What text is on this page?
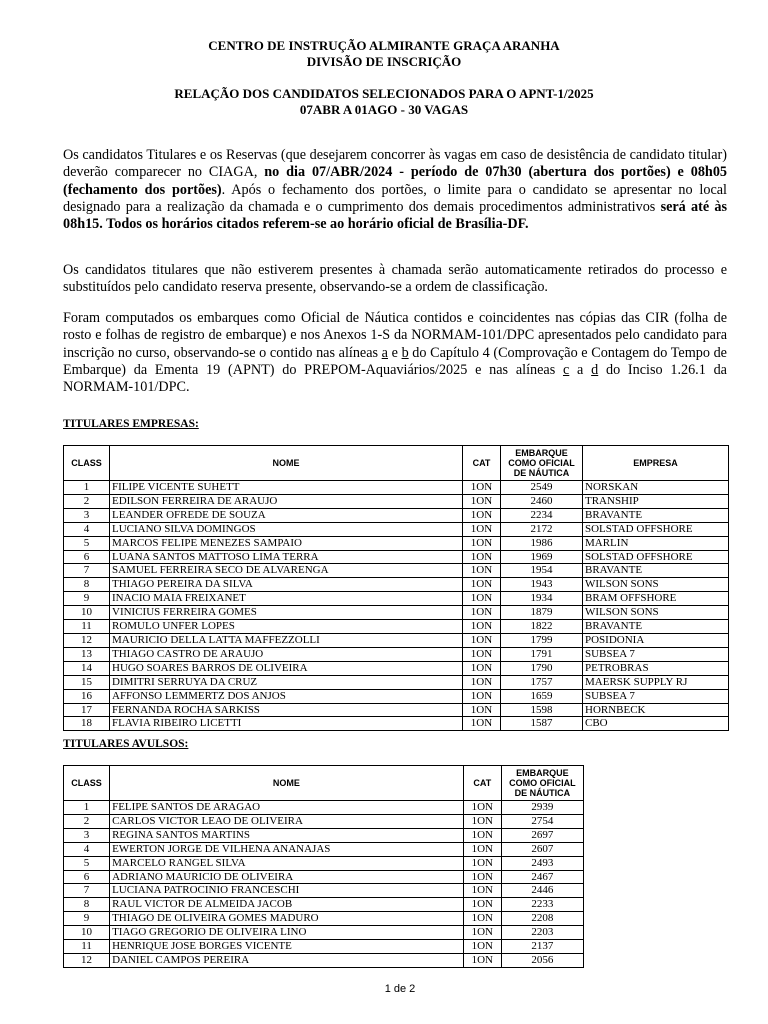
CENTRO DE INSTRUÇÃO ALMIRANTE GRAÇA ARANHA
DIVISÃO DE INSCRIÇÃO
RELAÇÃO DOS CANDIDATOS SELECIONADOS PARA O APNT-1/2025
07ABR A 01AGO - 30 VAGAS
Os candidatos Titulares e os Reservas (que desejarem concorrer às vagas em caso de desistência de candidato titular) deverão comparecer no CIAGA, no dia 07/ABR/2024 - período de 07h30 (abertura dos portões) e 08h05 (fechamento dos portões). Após o fechamento dos portões, o limite para o candidato se apresentar no local designado para a realização da chamada e o cumprimento dos demais procedimentos administrativos será até às 08h15. Todos os horários citados referem-se ao horário oficial de Brasília-DF.
Os candidatos titulares que não estiverem presentes à chamada serão automaticamente retirados do processo e substituídos pelo candidato reserva presente, observando-se a ordem de classificação.
Foram computados os embarques como Oficial de Náutica contidos e coincidentes nas cópias das CIR (folha de rosto e folhas de registro de embarque) e nos Anexos 1-S da NORMAM-101/DPC apresentados pelo candidato para inscrição no curso, observando-se o contido nas alíneas a e b do Capítulo 4 (Comprovação e Contagem do Tempo de Embarque) da Ementa 19 (APNT) do PREPOM-Aquaviários/2025 e nas alíneas c a d do Inciso 1.26.1 da NORMAM-101/DPC.
TITULARES EMPRESAS:
CLASS	NOME	CAT	EMBARQUE COMO OFICIAL DE NÁUTICA	EMPRESA
1	FILIPE VICENTE SUHETT	1ON	2549	NORSKAN
2	EDILSON FERREIRA DE ARAUJO	1ON	2460	TRANSHIP
3	LEANDER OFREDE DE SOUZA	1ON	2234	BRAVANTE
4	LUCIANO SILVA DOMINGOS	1ON	2172	SOLSTAD OFFSHORE
5	MARCOS FELIPE MENEZES SAMPAIO	1ON	1986	MARLIN
6	LUANA SANTOS MATTOSO LIMA TERRA	1ON	1969	SOLSTAD OFFSHORE
7	SAMUEL FERREIRA SECO DE ALVARENGA	1ON	1954	BRAVANTE
8	THIAGO PEREIRA DA SILVA	1ON	1943	WILSON SONS
9	INACIO MAIA FREIXANET	1ON	1934	BRAM OFFSHORE
10	VINICIUS FERREIRA GOMES	1ON	1879	WILSON SONS
11	ROMULO UNFER LOPES	1ON	1822	BRAVANTE
12	MAURICIO DELLA LATTA MAFFEZZOLLI	1ON	1799	POSIDONIA
13	THIAGO CASTRO DE ARAUJO	1ON	1791	SUBSEA 7
14	HUGO SOARES BARROS DE OLIVEIRA	1ON	1790	PETROBRAS
15	DIMITRI SERRUYA DA CRUZ	1ON	1757	MAERSK SUPPLY RJ
16	AFFONSO LEMMERTZ DOS ANJOS	1ON	1659	SUBSEA 7
17	FERNANDA ROCHA SARKISS	1ON	1598	HORNBECK
18	FLAVIA RIBEIRO LICETTI	1ON	1587	CBO
TITULARES AVULSOS:
CLASS	NOME	CAT	EMBARQUE COMO OFICIAL DE NÁUTICA
1	FELIPE SANTOS DE ARAGAO	1ON	2939
2	CARLOS VICTOR LEAO DE OLIVEIRA	1ON	2754
3	REGINA SANTOS MARTINS	1ON	2697
4	EWERTON JORGE DE VILHENA ANANAJAS	1ON	2607
5	MARCELO RANGEL SILVA	1ON	2493
6	ADRIANO MAURICIO DE OLIVEIRA	1ON	2467
7	LUCIANA PATROCINIO FRANCESCHI	1ON	2446
8	RAUL VICTOR DE ALMEIDA JACOB	1ON	2233
9	THIAGO DE OLIVEIRA GOMES MADURO	1ON	2208
10	TIAGO GREGORIO DE OLIVEIRA LINO	1ON	2203
11	HENRIQUE JOSE BORGES VICENTE	1ON	2137
12	DANIEL CAMPOS PEREIRA	1ON	2056
1 de 2
